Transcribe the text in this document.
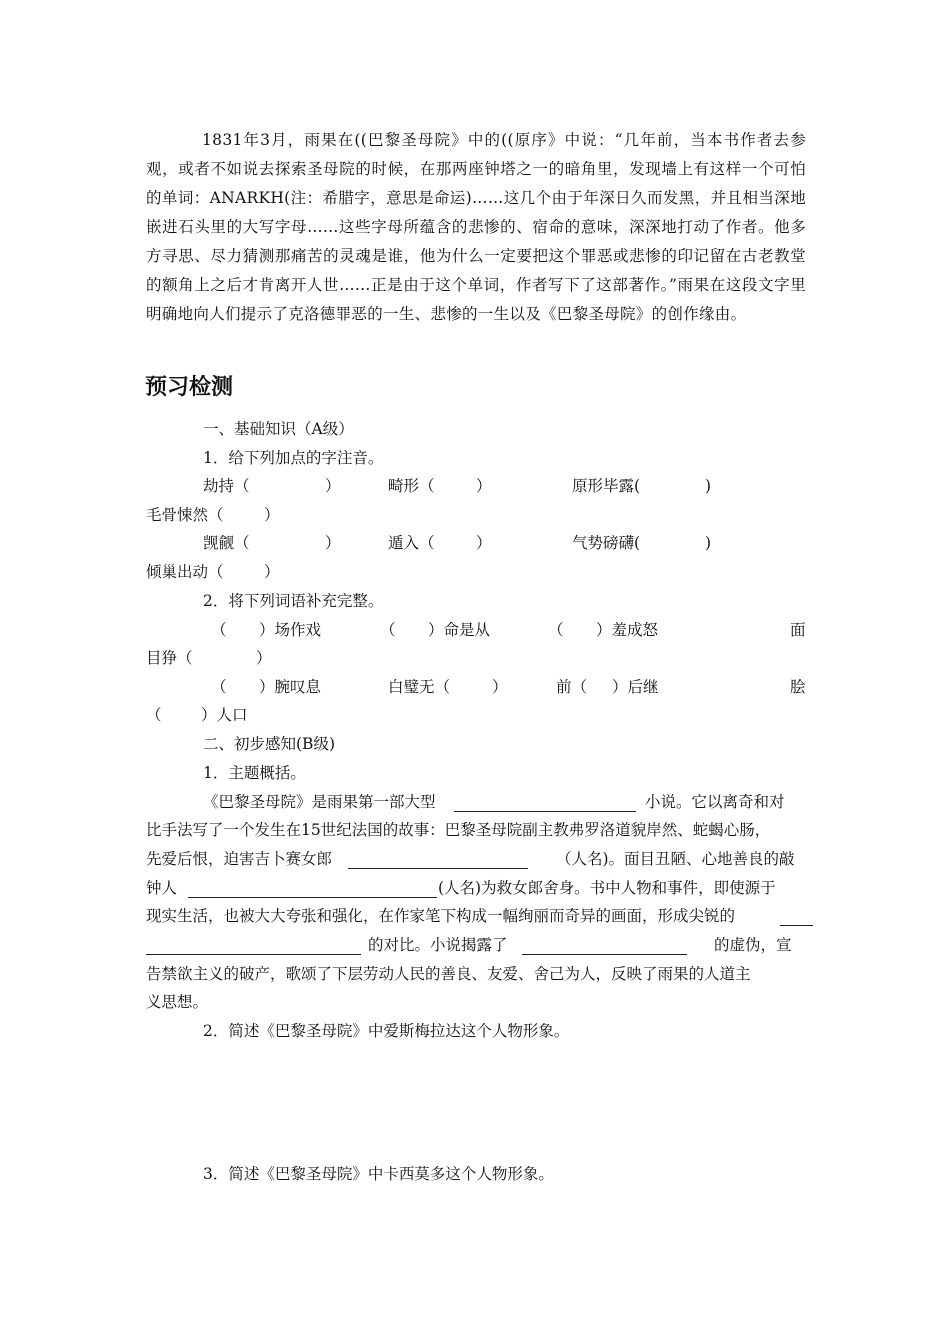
1831年3月，雨果在((巴黎圣母院》中的((原序》中说：“几年前，当本书作者去参观，或者不如说去探索圣母院的时候，在那两座钟塔之一的暗角里，发现墙上有这样一个可怕的单词：ANARKH(注：希腊字，意思是命运)……这几个由于年深日久而发黑，并且相当深地嵌进石头里的大写字母……这些字母所蕴含的悲惨的、宿命的意味，深深地打动了作者。他多方寻思、尽力猜测那痛苦的灵魂是谁，他为什么一定要把这个罪恶或悲惨的印记留在古老教堂的额角上之后才肯离开人世……正是由于这个单词，作者写下了这部著作。”雨果在这段文字里明确地向人们提示了克洛德罪恶的一生、悲惨的一生以及《巴黎圣母院》的创作缘由。

预习检测
一、基础知识（A级）
1．给下列加点的字注音。
劫持（	）	畸形（	）	原形毕露(	)
毛骨悚然（	）
觊觎（	）	遁入（	）	气势磅礴(	)
倾巢出动（	）
2．将下列词语补充完整。
（ ）场作戏	（ ）命是从	（ ）羞成怒	面
目狰（	）
（ ）腕叹息	白璧无（	）	前（ ）后继	脍
（	）人口
二、初步感知(B级)
1．主题概括。
《巴黎圣母院》是雨果第一部大型	小说。它以离奇和对
比手法写了一个发生在15世纪法国的故事：巴黎圣母院副主教弗罗洛道貌岸然、蛇蝎心肠，
先爱后恨，迫害吉卜赛女郎	（人名)。面目丑陋、心地善良的敲
钟人	(人名)为救女郎舍身。书中人物和事件，即使源于
现实生活，也被大大夸张和强化，在作家笔下构成一幅绚丽而奇异的画面，形成尖锐的
的对比。小说揭露了	的虚伪，宣
告禁欲主义的破产，歌颂了下层劳动人民的善良、友爱、舍己为人，反映了雨果的人道主
义思想。
2．简述《巴黎圣母院》中爱斯梅拉达这个人物形象。
3．简述《巴黎圣母院》中卡西莫多这个人物形象。
